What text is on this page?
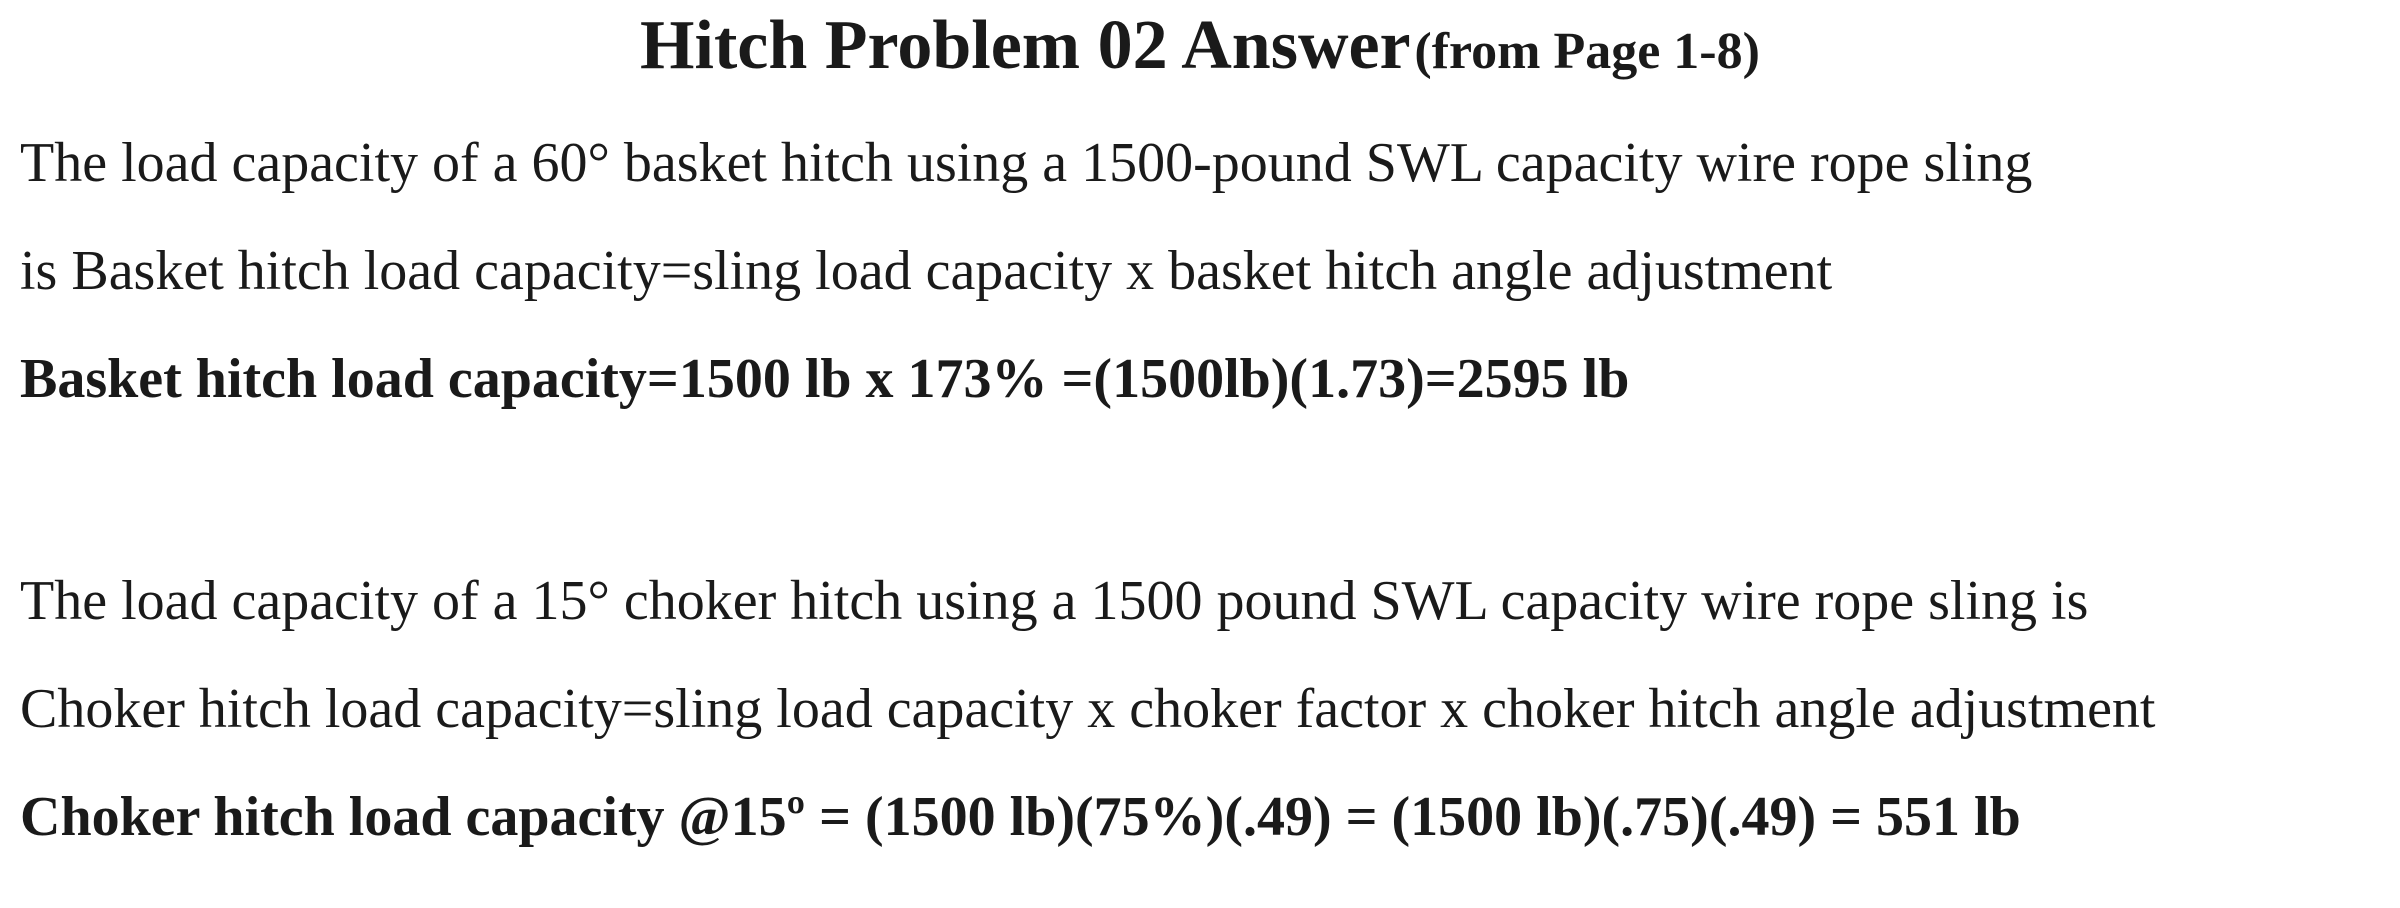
Hitch Problem 02 Answer (from Page 1-8)
The load capacity of a 60° basket hitch using a 1500-pound SWL capacity wire rope sling
is Basket hitch load capacity=sling load capacity x basket hitch angle adjustment
Basket hitch load capacity=1500 lb x 173% =(1500lb)(1.73)=2595 lb
The load capacity of a 15° choker hitch using a 1500 pound SWL capacity wire rope sling is
Choker hitch load capacity=sling load capacity x choker factor x choker hitch angle adjustment
Choker hitch load capacity @15º = (1500 lb)(75%)(.49) = (1500 lb)(.75)(.49) = 551 lb
